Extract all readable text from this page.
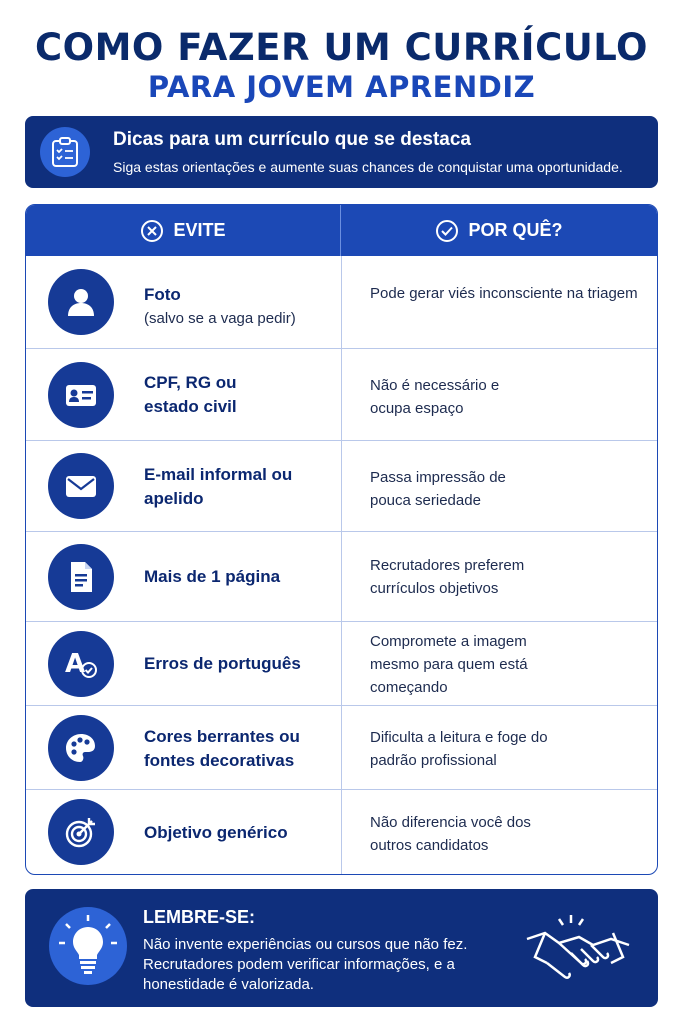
COMO FAZER UM CURRÍCULO
PARA JOVEM APRENDIZ
Dicas para um currículo que se destaca
Siga estas orientações e aumente suas chances de conquistar uma oportunidade.
EVITE	POR QUÊ?
Foto
(salvo se a vaga pedir)
Pode gerar viés inconsciente na triagem
CPF, RG ou estado civil
Não é necessário e ocupa espaço
E-mail informal ou apelido
Passa impressão de pouca seriedade
Mais de 1 página
Recrutadores preferem currículos objetivos
A	Erros de português
Compromete a imagem mesmo para quem está começando
Cores berrantes ou fontes decorativas
Dificulta a leitura e foge do padrão profissional
Objetivo genérico
Não diferencia você dos outros candidatos
LEMBRE-SE:
Não invente experiências ou cursos que não fez. Recrutadores podem verificar informações, e a honestidade é valorizada.
